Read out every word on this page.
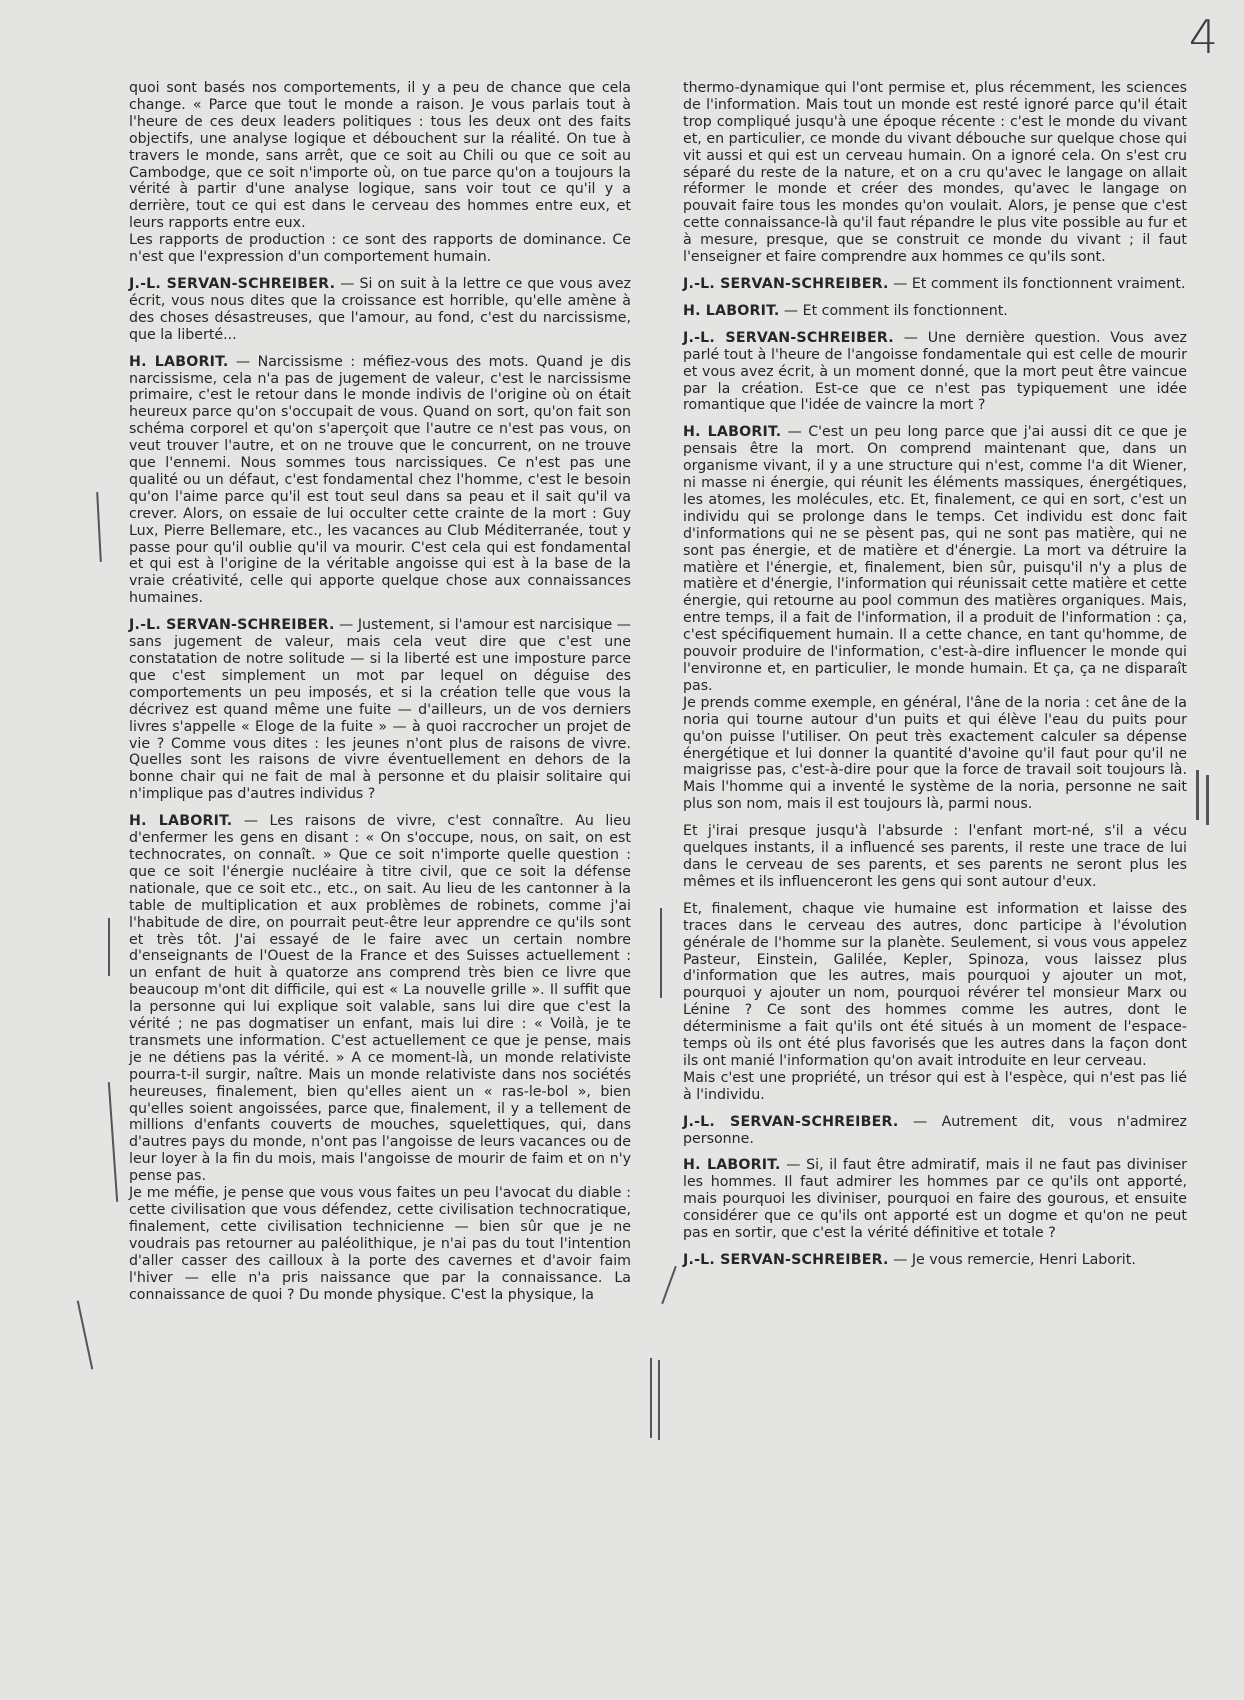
4

quoi sont basés nos comportements, il y a peu de chance que cela change. « Parce que tout le monde a raison. Je vous parlais tout à l'heure de ces deux leaders politiques : tous les deux ont des faits objectifs, une analyse logique et débouchent sur la réalité. On tue à travers le monde, sans arrêt, que ce soit au Chili ou que ce soit au Cambodge, que ce soit n'importe où, on tue parce qu'on a toujours la vérité à partir d'une analyse logique, sans voir tout ce qu'il y a derrière, tout ce qui est dans le cerveau des hommes entre eux, et leurs rapports entre eux.

Les rapports de production : ce sont des rapports de dominance. Ce n'est que l'expression d'un comportement humain.

J.-L. SERVAN-SCHREIBER. — Si on suit à la lettre ce que vous avez écrit, vous nous dites que la croissance est horrible, qu'elle amène à des choses désastreuses, que l'amour, au fond, c'est du narcissisme, que la liberté...

H. LABORIT. — Narcissisme : méfiez-vous des mots. Quand je dis narcissisme, cela n'a pas de jugement de valeur, c'est le narcissisme primaire, c'est le retour dans le monde indivis de l'origine où on était heureux parce qu'on s'occupait de vous. Quand on sort, qu'on fait son schéma corporel et qu'on s'aperçoit que l'autre ce n'est pas vous, on veut trouver l'autre, et on ne trouve que le concurrent, on ne trouve que l'ennemi. Nous sommes tous narcissiques. Ce n'est pas une qualité ou un défaut, c'est fondamental chez l'homme, c'est le besoin qu'on l'aime parce qu'il est tout seul dans sa peau et il sait qu'il va crever. Alors, on essaie de lui occulter cette crainte de la mort : Guy Lux, Pierre Bellemare, etc., les vacances au Club Méditerranée, tout y passe pour qu'il oublie qu'il va mourir. C'est cela qui est fondamental et qui est à l'origine de la véritable angoisse qui est à la base de la vraie créativité, celle qui apporte quelque chose aux connaissances humaines.

J.-L. SERVAN-SCHREIBER. — Justement, si l'amour est narcisique — sans jugement de valeur, mais cela veut dire que c'est une constatation de notre solitude — si la liberté est une imposture parce que c'est simplement un mot par lequel on déguise des comportements un peu imposés, et si la création telle que vous la décrivez est quand même une fuite — d'ailleurs, un de vos derniers livres s'appelle « Eloge de la fuite » — à quoi raccrocher un projet de vie ? Comme vous dites : les jeunes n'ont plus de raisons de vivre. Quelles sont les raisons de vivre éventuellement en dehors de la bonne chair qui ne fait de mal à personne et du plaisir solitaire qui n'implique pas d'autres individus ?

H. LABORIT. — Les raisons de vivre, c'est connaître. Au lieu d'enfermer les gens en disant : « On s'occupe, nous, on sait, on est technocrates, on connaît. » Que ce soit n'importe quelle question : que ce soit l'énergie nucléaire à titre civil, que ce soit la défense nationale, que ce soit etc., etc., on sait. Au lieu de les cantonner à la table de multiplication et aux problèmes de robinets, comme j'ai l'habitude de dire, on pourrait peut-être leur apprendre ce qu'ils sont et très tôt. J'ai essayé de le faire avec un certain nombre d'enseignants de l'Ouest de la France et des Suisses actuellement : un enfant de huit à quatorze ans comprend très bien ce livre que beaucoup m'ont dit difficile, qui est « La nouvelle grille ». Il suffit que la personne qui lui explique soit valable, sans lui dire que c'est la vérité ; ne pas dogmatiser un enfant, mais lui dire : « Voilà, je te transmets une information. C'est actuellement ce que je pense, mais je ne détiens pas la vérité. » A ce moment-là, un monde relativiste pourra-t-il surgir, naître. Mais un monde relativiste dans nos sociétés heureuses, finalement, bien qu'elles aient un « ras-le-bol », bien qu'elles soient angoissées, parce que, finalement, il y a tellement de millions d'enfants couverts de mouches, squelettiques, qui, dans d'autres pays du monde, n'ont pas l'angoisse de leurs vacances ou de leur loyer à la fin du mois, mais l'angoisse de mourir de faim et on n'y pense pas.

Je me méfie, je pense que vous vous faites un peu l'avocat du diable : cette civilisation que vous défendez, cette civilisation technocratique, finalement, cette civilisation technicienne — bien sûr que je ne voudrais pas retourner au paléolithique, je n'ai pas du tout l'intention d'aller casser des cailloux à la porte des cavernes et d'avoir faim l'hiver — elle n'a pris naissance que par la connaissance. La connaissance de quoi ? Du monde physique. C'est la physique, la

thermo-dynamique qui l'ont permise et, plus récemment, les sciences de l'information. Mais tout un monde est resté ignoré parce qu'il était trop compliqué jusqu'à une époque récente : c'est le monde du vivant et, en particulier, ce monde du vivant débouche sur quelque chose qui vit aussi et qui est un cerveau humain. On a ignoré cela. On s'est cru séparé du reste de la nature, et on a cru qu'avec le langage on allait réformer le monde et créer des mondes, qu'avec le langage on pouvait faire tous les mondes qu'on voulait. Alors, je pense que c'est cette connaissance-là qu'il faut répandre le plus vite possible au fur et à mesure, presque, que se construit ce monde du vivant ; il faut l'enseigner et faire comprendre aux hommes ce qu'ils sont.

J.-L. SERVAN-SCHREIBER. — Et comment ils fonctionnent vraiment.

H. LABORIT. — Et comment ils fonctionnent.

J.-L. SERVAN-SCHREIBER. — Une dernière question. Vous avez parlé tout à l'heure de l'angoisse fondamentale qui est celle de mourir et vous avez écrit, à un moment donné, que la mort peut être vaincue par la création. Est-ce que ce n'est pas typiquement une idée romantique que l'idée de vaincre la mort ?

H. LABORIT. — C'est un peu long parce que j'ai aussi dit ce que je pensais être la mort. On comprend maintenant que, dans un organisme vivant, il y a une structure qui n'est, comme l'a dit Wiener, ni masse ni énergie, qui réunit les éléments massiques, énergétiques, les atomes, les molécules, etc. Et, finalement, ce qui en sort, c'est un individu qui se prolonge dans le temps. Cet individu est donc fait d'informations qui ne se pèsent pas, qui ne sont pas matière, qui ne sont pas énergie, et de matière et d'énergie. La mort va détruire la matière et l'énergie, et, finalement, bien sûr, puisqu'il n'y a plus de matière et d'énergie, l'information qui réunissait cette matière et cette énergie, qui retourne au pool commun des matières organiques. Mais, entre temps, il a fait de l'information, il a produit de l'information : ça, c'est spécifiquement humain. Il a cette chance, en tant qu'homme, de pouvoir produire de l'information, c'est-à-dire influencer le monde qui l'environne et, en particulier, le monde humain. Et ça, ça ne disparaît pas.

Je prends comme exemple, en général, l'âne de la noria : cet âne de la noria qui tourne autour d'un puits et qui élève l'eau du puits pour qu'on puisse l'utiliser. On peut très exactement calculer sa dépense énergétique et lui donner la quantité d'avoine qu'il faut pour qu'il ne maigrisse pas, c'est-à-dire pour que la force de travail soit toujours là. Mais l'homme qui a inventé le système de la noria, personne ne sait plus son nom, mais il est toujours là, parmi nous.

Et j'irai presque jusqu'à l'absurde : l'enfant mort-né, s'il a vécu quelques instants, il a influencé ses parents, il reste une trace de lui dans le cerveau de ses parents, et ses parents ne seront plus les mêmes et ils influenceront les gens qui sont autour d'eux.

Et, finalement, chaque vie humaine est information et laisse des traces dans le cerveau des autres, donc participe à l'évolution générale de l'homme sur la planète. Seulement, si vous vous appelez Pasteur, Einstein, Galilée, Kepler, Spinoza, vous laissez plus d'information que les autres, mais pourquoi y ajouter un mot, pourquoi y ajouter un nom, pourquoi révérer tel monsieur Marx ou Lénine ? Ce sont des hommes comme les autres, dont le déterminisme a fait qu'ils ont été situés à un moment de l'espace-temps où ils ont été plus favorisés que les autres dans la façon dont ils ont manié l'information qu'on avait introduite en leur cerveau.

Mais c'est une propriété, un trésor qui est à l'espèce, qui n'est pas lié à l'individu.

J.-L. SERVAN-SCHREIBER. — Autrement dit, vous n'admirez personne.

H. LABORIT. — Si, il faut être admiratif, mais il ne faut pas diviniser les hommes. Il faut admirer les hommes par ce qu'ils ont apporté, mais pourquoi les diviniser, pourquoi en faire des gourous, et ensuite considérer que ce qu'ils ont apporté est un dogme et qu'on ne peut pas en sortir, que c'est la vérité définitive et totale ?

J.-L. SERVAN-SCHREIBER. — Je vous remercie, Henri Laborit.
